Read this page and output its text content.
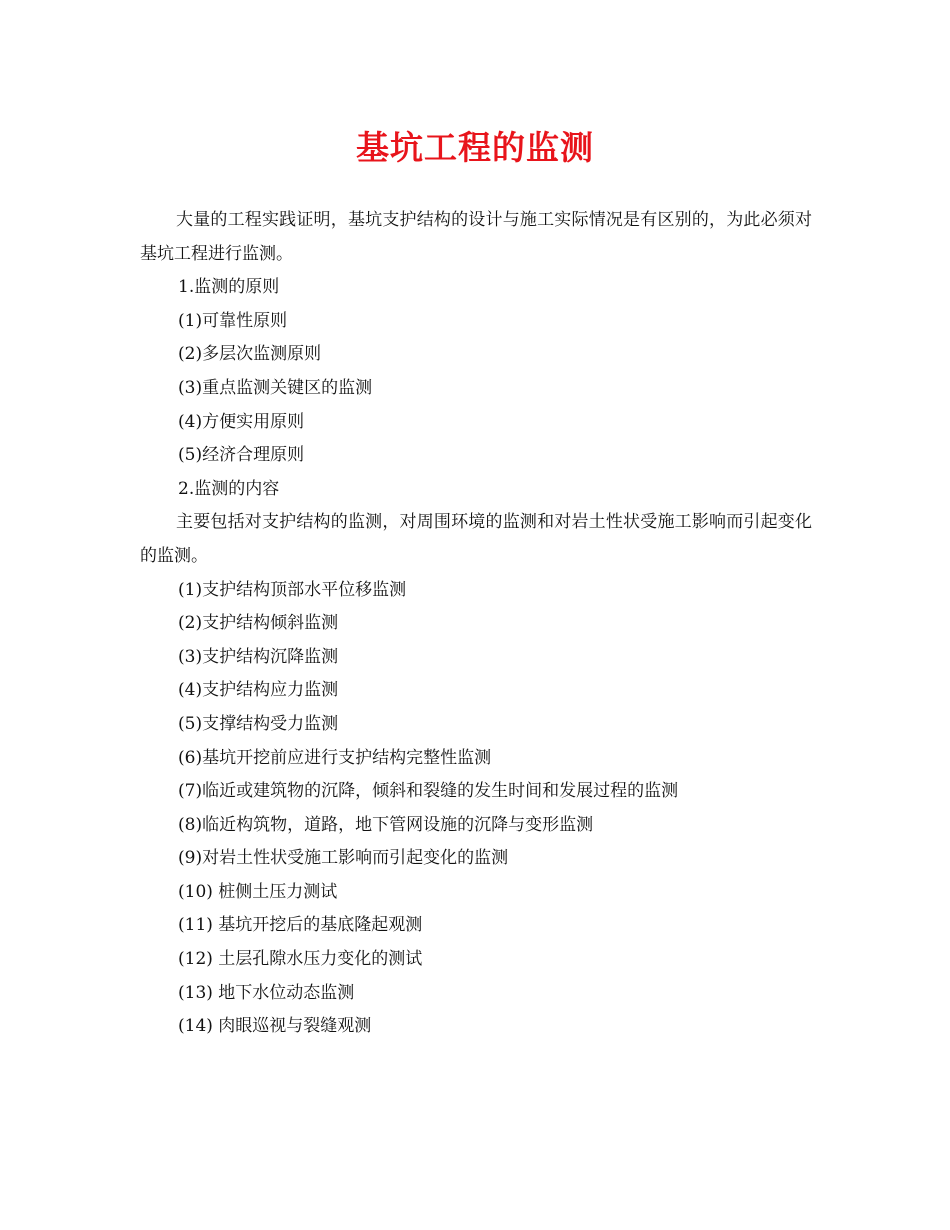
基坑工程的监测

大量的工程实践证明，基坑支护结构的设计与施工实际情况是有区别的，为此必须对基坑工程进行监测。

1.监测的原则

(1)可靠性原则

(2)多层次监测原则

(3)重点监测关键区的监测

(4)方便实用原则

(5)经济合理原则

2.监测的内容

主要包括对支护结构的监测，对周围环境的监测和对岩土性状受施工影响而引起变化的监测。

(1)支护结构顶部水平位移监测

(2)支护结构倾斜监测

(3)支护结构沉降监测

(4)支护结构应力监测

(5)支撑结构受力监测

(6)基坑开挖前应进行支护结构完整性监测

(7)临近或建筑物的沉降，倾斜和裂缝的发生时间和发展过程的监测

(8)临近构筑物，道路，地下管网设施的沉降与变形监测

(9)对岩土性状受施工影响而引起变化的监测

(10) 桩侧土压力测试

(11) 基坑开挖后的基底隆起观测

(12) 土层孔隙水压力变化的测试

(13) 地下水位动态监测

(14) 肉眼巡视与裂缝观测
